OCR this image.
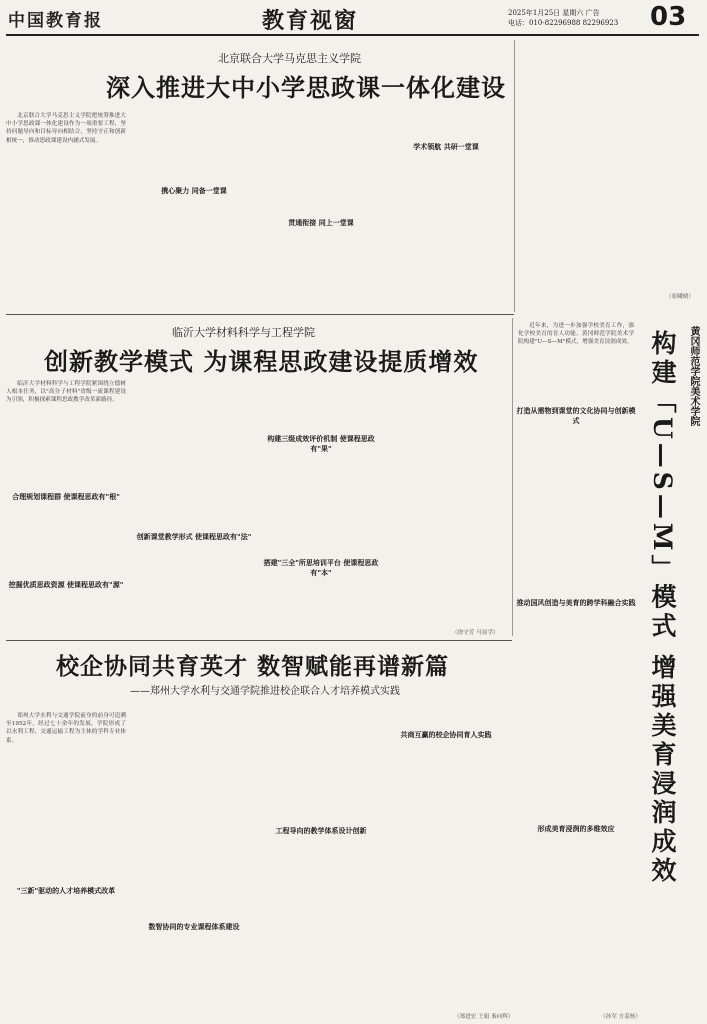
中国教育报	教育视窗	2025年1月25日 星期六 广告
电话：010-82296988 82296923	03
北京联合大学马克思主义学院
深入推进大中小学思政课一体化建设

北京联合大学马克思主义学院把统筹推进大中小学思政课一体化建设作为一项重要工程，坚持问题导向和目标导向相结合，坚持守正和创新相统一，推动思政课建设内涵式发展。

携心聚力 同备一堂课
贯通衔接 同上一堂课
学术领航 共研一堂课
（崔曦晴）
临沂大学材料科学与工程学院
创新教学模式 为课程思政建设提质增效

临沂大学材料科学与工程学院紧围绕立德树人根本任务，以"高分子材料"省级一流课程建设为引领，积极探索课程思政教学改革新路径。

合理规划课程群 使课程思政有"根"
创新课堂教学形式 使课程思政有"法"
挖掘优质思政资源 使课程思政有"源"
构建三级成效评价机制 使课程思政有"果"
搭建"三全"所思培训平台 使课程思政有"本"
（徐守芳 马显学）

近年来，为进一步加强学校美育工作，强化学校美育的育人功能，黄冈师范学院美术学院构建"U—S—M"模式，增强美育浸润成效。

打造从需物到课堂的文化协同与创新模式
推动国风创造与美育的跨学科融合实践
形成美育浸润的多维效应
黄冈师范学院美术学院
构建「U—S—M」模式 增强美育浸润成效
（孙军 方姜杨）
校企协同共育英才 数智赋能再谱新篇
——郑州大学水利与交通学院推进校企联合人才培养模式实践

郑州大学水利与交通学院前身的前身可追溯至1952年，经过七十余年的发展，学院形成了以水利工程、交通运输工程为主体的学科专业体系。

"三新"驱动的人才培养模式改革
数智协同的专业课程体系建设
工程导向的教学体系设计创新
共商互赢的校企协同育人实践
（郑进宏 王娟 秦向辉）
